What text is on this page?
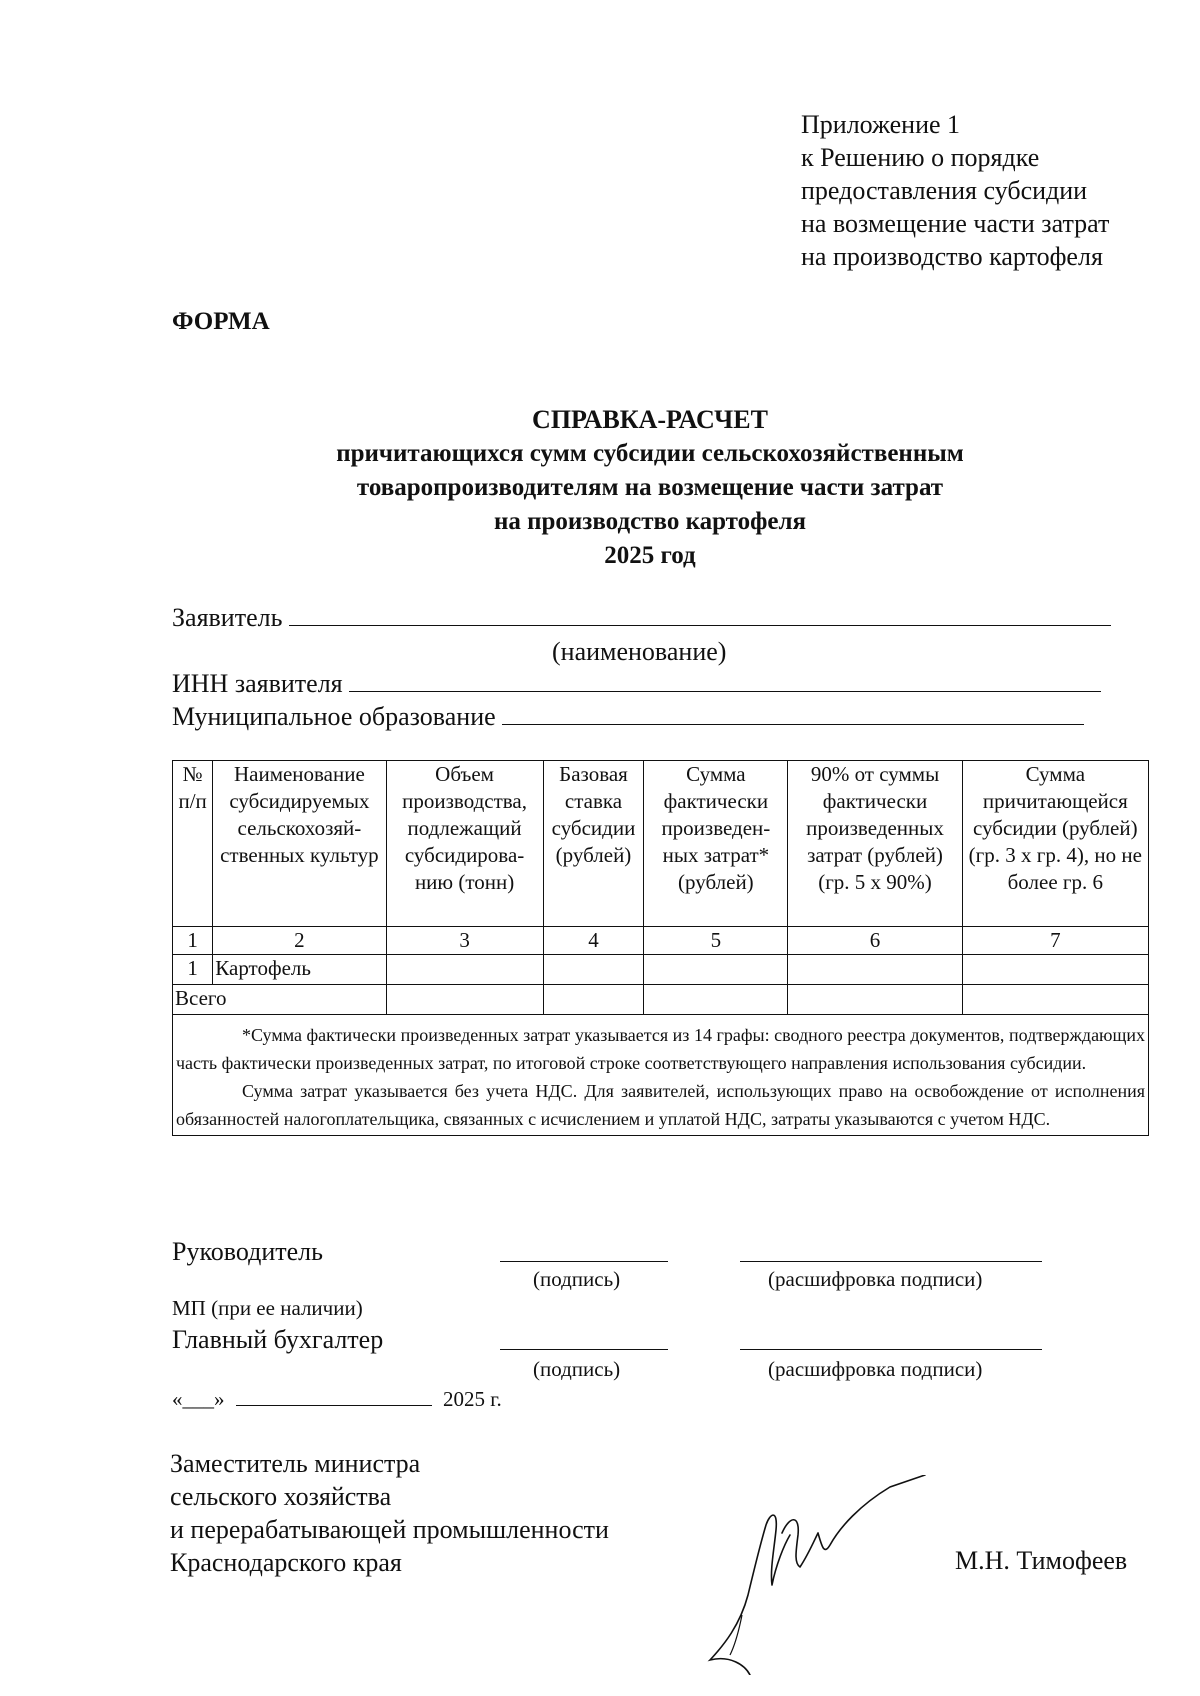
Приложение 1
к Решению о порядке
предоставления субсидии
на возмещение части затрат
на производство картофеля
ФОРМА
СПРАВКА-РАСЧЕТ
причитающихся сумм субсидии сельскохозяйственным
товаропроизводителям на возмещение части затрат
на производство картофеля
2025 год
Заявитель
(наименование)
ИНН заявителя
Муниципальное образование
№ п/п	Наименование субсидируемых сельскохозяй-ственных культур	Объем производства, подлежащий субсидирова-нию (тонн)	Базовая ставка субсидии (рублей)	Сумма фактически произведен-ных затрат* (рублей)	90% от суммы фактически произведенных затрат (рублей) (гр. 5 х 90%)	Сумма причитающейся субсидии (рублей) (гр. 3 х гр. 4), но не более гр. 6
1	2	3	4	5	6	7
1	Картофель					
Всего						

*Сумма фактически произведенных затрат указывается из 14 графы: сводного реестра документов, подтверждающих часть фактически произведенных затрат, по итоговой строке соответствующего направления использования субсидии.

Сумма затрат указывается без учета НДС. Для заявителей, использующих право на освобождение от исполнения обязанностей налогоплательщика, связанных с исчислением и уплатой НДС, затраты указываются с учетом НДС.						

Руководитель
(подпись)	(расшифровка подписи)
МП (при ее наличии)
Главный бухгалтер
(подпись)	(расшифровка подписи)
«___»	2025 г.
Заместитель министра
сельского хозяйства
и перерабатывающей промышленности
Краснодарского края	М.Н. Тимофеев
